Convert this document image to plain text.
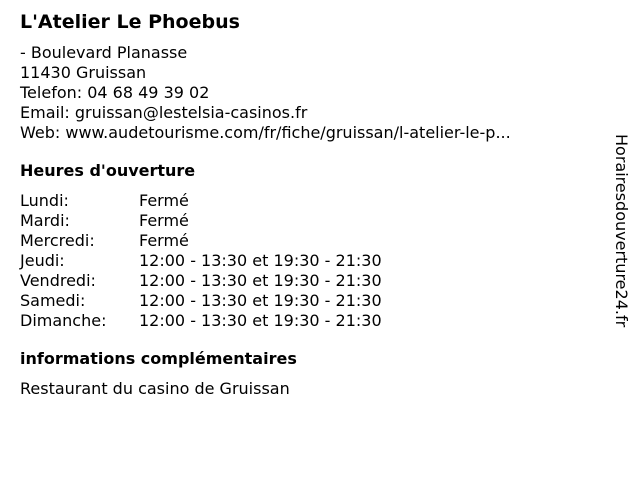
L'Atelier Le Phoebus
- Boulevard Planasse
11430 Gruissan
Telefon: 04 68 49 39 02
Email: gruissan@lestelsia-casinos.fr
Web: www.audetourisme.com/fr/fiche/gruissan/l-atelier-le-p...
Heures d'ouverture
Lundi:	Fermé
Mardi:	Fermé
Mercredi:	Fermé
Jeudi:	12:00 - 13:30 et 19:30 - 21:30
Vendredi:	12:00 - 13:30 et 19:30 - 21:30
Samedi:	12:00 - 13:30 et 19:30 - 21:30
Dimanche:	12:00 - 13:30 et 19:30 - 21:30
informations complémentaires
Restaurant du casino de Gruissan
Horairesdouverture24.fr
